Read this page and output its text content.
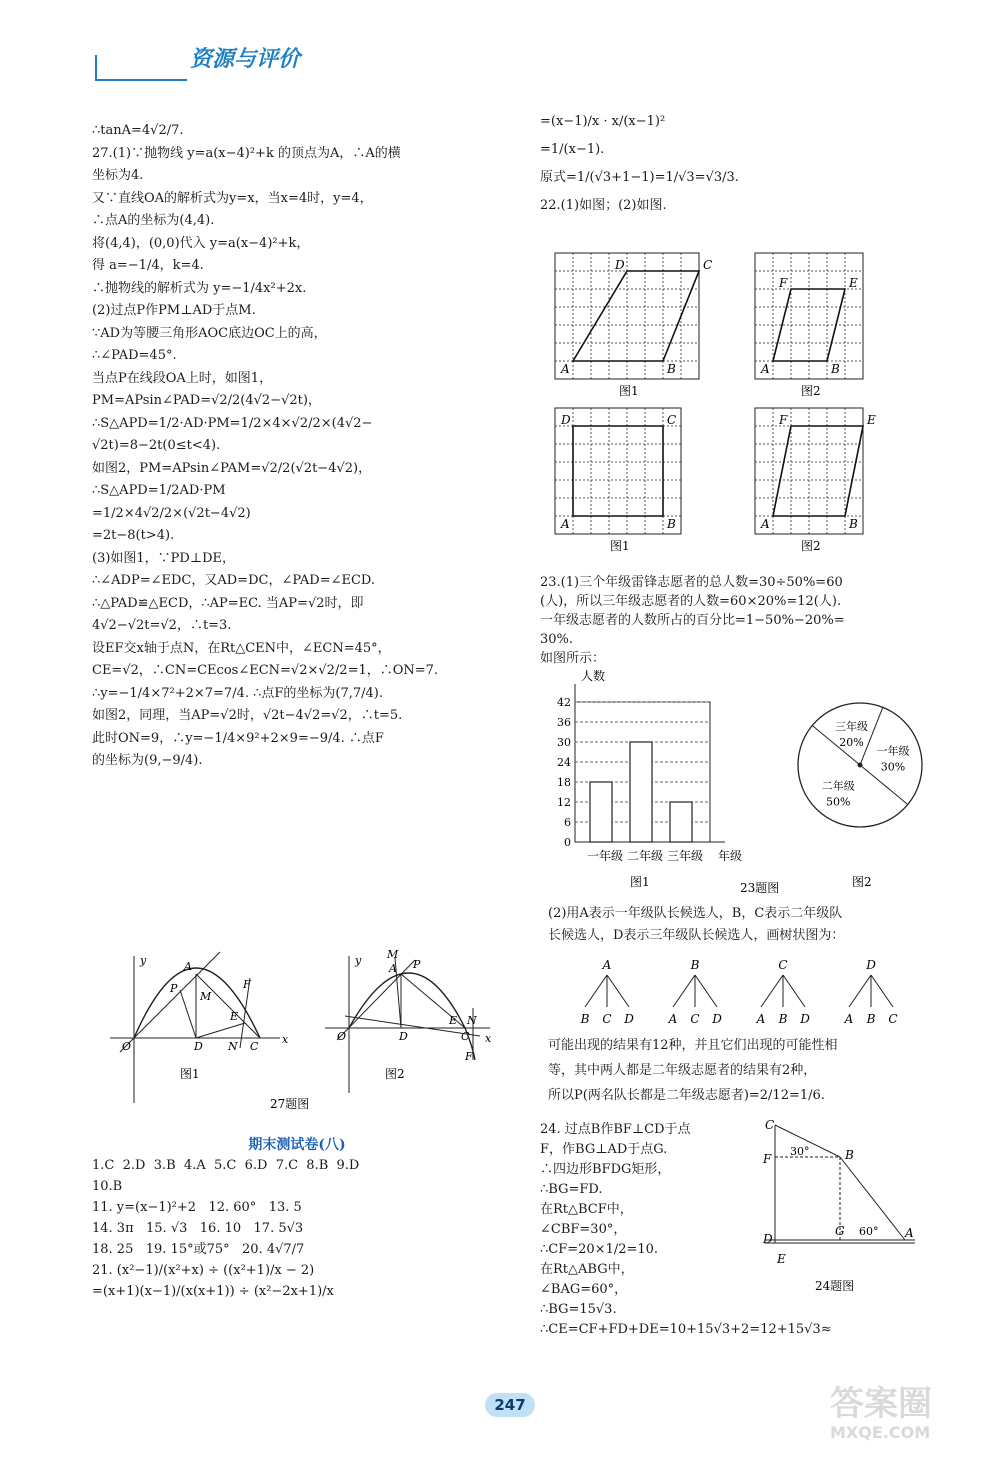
资源与评价

∴tanA=4√2/7.

27.(1)∵抛物线 y=a(x−4)²+k 的顶点为A，∴A的横

坐标为4.

又∵直线OA的解析式为y=x，当x=4时，y=4，

∴点A的坐标为(4,4).

将(4,4)，(0,0)代入 y=a(x−4)²+k，

得 a=−1/4，k=4.

∴抛物线的解析式为 y=−1/4x²+2x.

(2)过点P作PM⊥AD于点M.

∵AD为等腰三角形AOC底边OC上的高，

∴∠PAD=45°.

当点P在线段OA上时，如图1，

PM=APsin∠PAD=√2/2(4√2−√2t)，

∴S△APD=1/2·AD·PM=1/2×4×√2/2×(4√2−

√2t)=8−2t(0≤t<4).

如图2，PM=APsin∠PAM=√2/2(√2t−4√2)，

∴S△APD=1/2AD·PM

=1/2×4√2/2×(√2t−4√2)

=2t−8(t>4).

(3)如图1，∵PD⊥DE，

∴∠ADP=∠EDC，又AD=DC，∠PAD=∠ECD.

∴△PAD≌△ECD，∴AP=EC. 当AP=√2时，即

4√2−√2t=√2，∴t=3.

设EF交x轴于点N，在Rt△CEN中，∠ECN=45°，

CE=√2，∴CN=CEcos∠ECN=√2×√2/2=1，∴ON=7.

∴y=−1/4×7²+2×7=7/4. ∴点F的坐标为(7,7/4).

如图2，同理，当AP=√2时，√2t−4√2=√2，∴t=5.

此时ON=9，∴y=−1/4×9²+2×9=−9/4. ∴点F

的坐标为(9,−9/4).

y	A
P
M
F
E
O	D N C
x
图1
y M
A P
N
E
O	D	C x
F
图2
27题图

期末测试卷(八)

1.C  2.D  3.B  4.A  5.C  6.D  7.C  8.B  9.D

10.B

11. y=(x−1)²+2   12. 60°   13. 5

14. 3π   15. √3   16. 10   17. 5√3

18. 25   19. 15°或75°   20. 4√7/7

21. (x²−1)/(x²+x) ÷ ((x²+1)/x − 2)

=(x+1)(x−1)/(x(x+1)) ÷ (x²−2x+1)/x

=(x−1)/x · x/(x−1)²

=1/(x−1).

原式=1/(√3+1−1)=1/√3=√3/3.

22.(1)如图；(2)如图.

D	C
A	B
图1
F	E
A	B
图2
D	C
A	B
图1
F	E
A	B
图2

23.(1)三个年级雷锋志愿者的总人数=30÷50%=60

(人)，所以三年级志愿者的人数=60×20%=12(人).

一年级志愿者的人数所占的百分比=1−50%−20%=

30%.

如图所示：

人数
0
6
12
18
24
30
36
42
一年级 二年级 三年级 年级
图1
三年级
20%
一年级
30%
二年级
50%
图2
23题图

(2)用A表示一年级队长候选人，B，C表示二年级队

长候选人，D表示三年级队长候选人，画树状图为：

A
B C D
B
A C D
C
A B D
D
A B C

可能出现的结果有12种，并且它们出现的可能性相

等，其中两人都是二年级志愿者的结果有2种，

所以P(两名队长都是二年级志愿者)=2/12=1/6.

24. 过点B作BF⊥CD于点

F，作BG⊥AD于点G.

∴四边形BFDG矩形，

∴BG=FD.

在Rt△BCF中，

∠CBF=30°，

∴CF=20×1/2=10.

在Rt△ABG中，

∠BAG=60°，

∴BG=15√3.

∴CE=CF+FD+DE=10+15√3+2=12+15√3≈

C
F
30°	B
G 60° A
D
E
24题图
247	答案圈
MXQE.COM
